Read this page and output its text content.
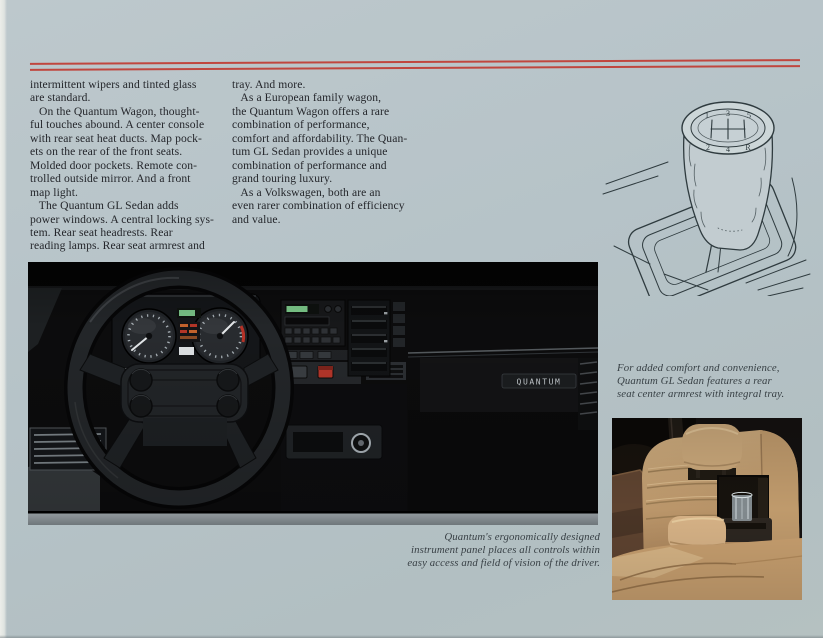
intermittent wipers and tinted glass
are standard.
On the Quantum Wagon, thought-
ful touches abound. A center console
with rear seat heat ducts. Map pock-
ets on the rear of the front seats.
Molded door pockets. Remote con-
trolled outside mirror. And a front
map light.
The Quantum GL Sedan adds
power windows. A central locking sys-
tem. Rear seat headrests. Rear
reading lamps. Rear seat armrest and
tray. And more.
As a European family wagon,
the Quantum Wagon offers a rare
combination of performance,
comfort and affordability. The Quan-
tum GL Sedan provides a unique
combination of performance and
grand touring luxury.
As a Volkswagen, both are an
even rarer combination of efficiency
and value.
1 3 5
2 4 R
Quantum's ergonomically designed
instrument panel places all controls within
easy access and field of vision of the driver.
For added comfort and convenience,
Quantum GL Sedan features a rear
seat center armrest with integral tray.
